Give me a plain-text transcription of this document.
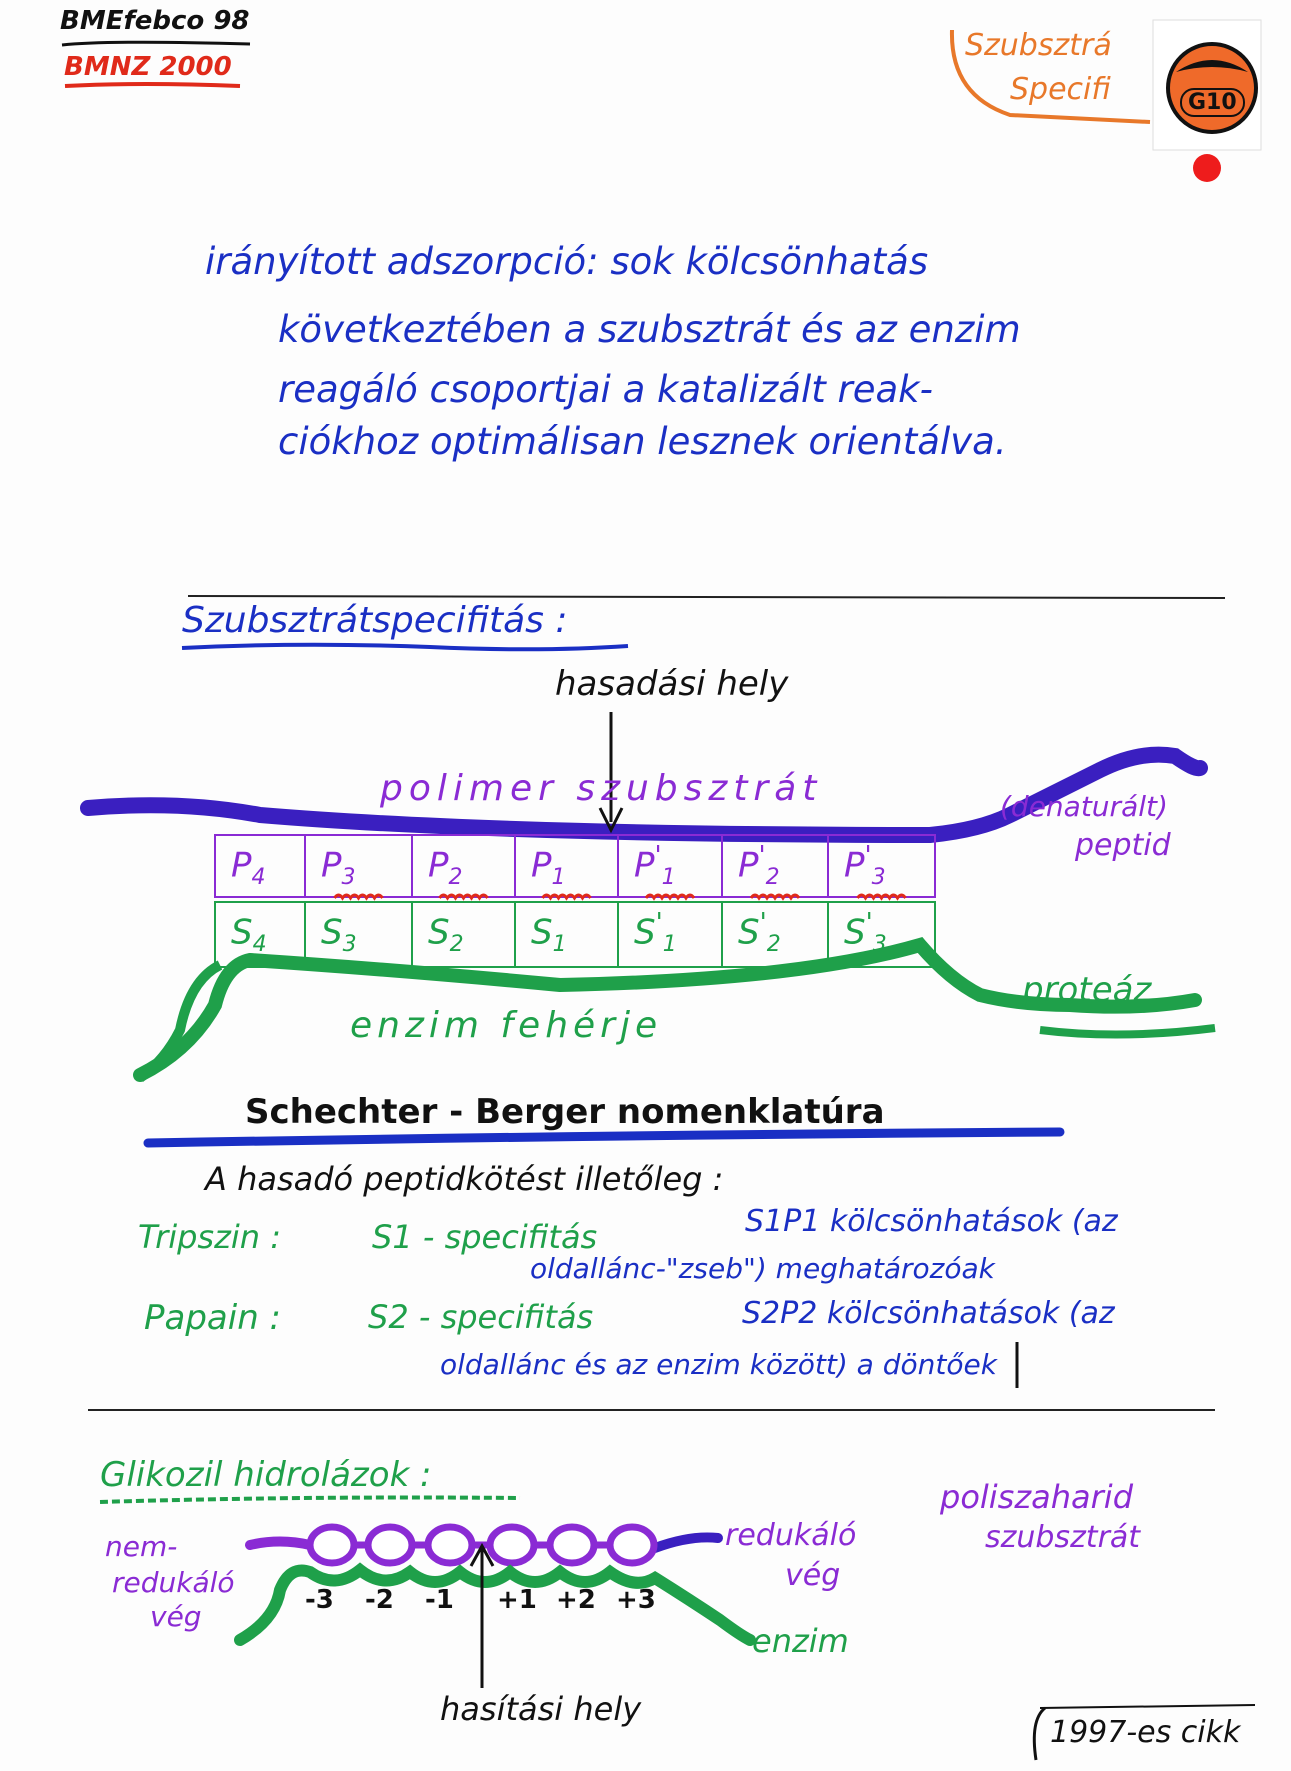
BMEfebco 98
BMNZ 2000
Szubsztrá
Specifi	G10
irányított adszorpció: sok kölcsönhatás
következtében a szubsztrát és az enzim
reagáló csoportjai a katalizált reak-
ciókhoz optimálisan lesznek orientálva.
Szubsztrátspecifitás :
hasadási hely
polimer szubsztrát	(denaturált)
peptid
proteáz
enzim fehérje
$P_4$ $P_3$ $P_2$ $P_1$ $P'_1$ $P'_2$ $P'_3$
$S_4$ $S_3$ $S_2$ $S_1$ $S'_1$ $S'_2$ $S'_3$
Schechter - Berger nomenklatúra
A hasadó peptidkötést illetőleg :
Tripszin :	S1 - specifitás	S1P1 kölcsönhatások (az
oldallánc-"zseb") meghatározóak
Papain :	S2 - specifitás	S2P2 kölcsönhatások (az
oldallánc és az enzim között) a döntőek
Glikozil hidrolázok :
poliszaharid
szubsztrát
nem-
redukáló
vég
redukáló
vég
enzim
hasítási hely
-3 -2 -1 +1 +2 +3
1997-es cikk
